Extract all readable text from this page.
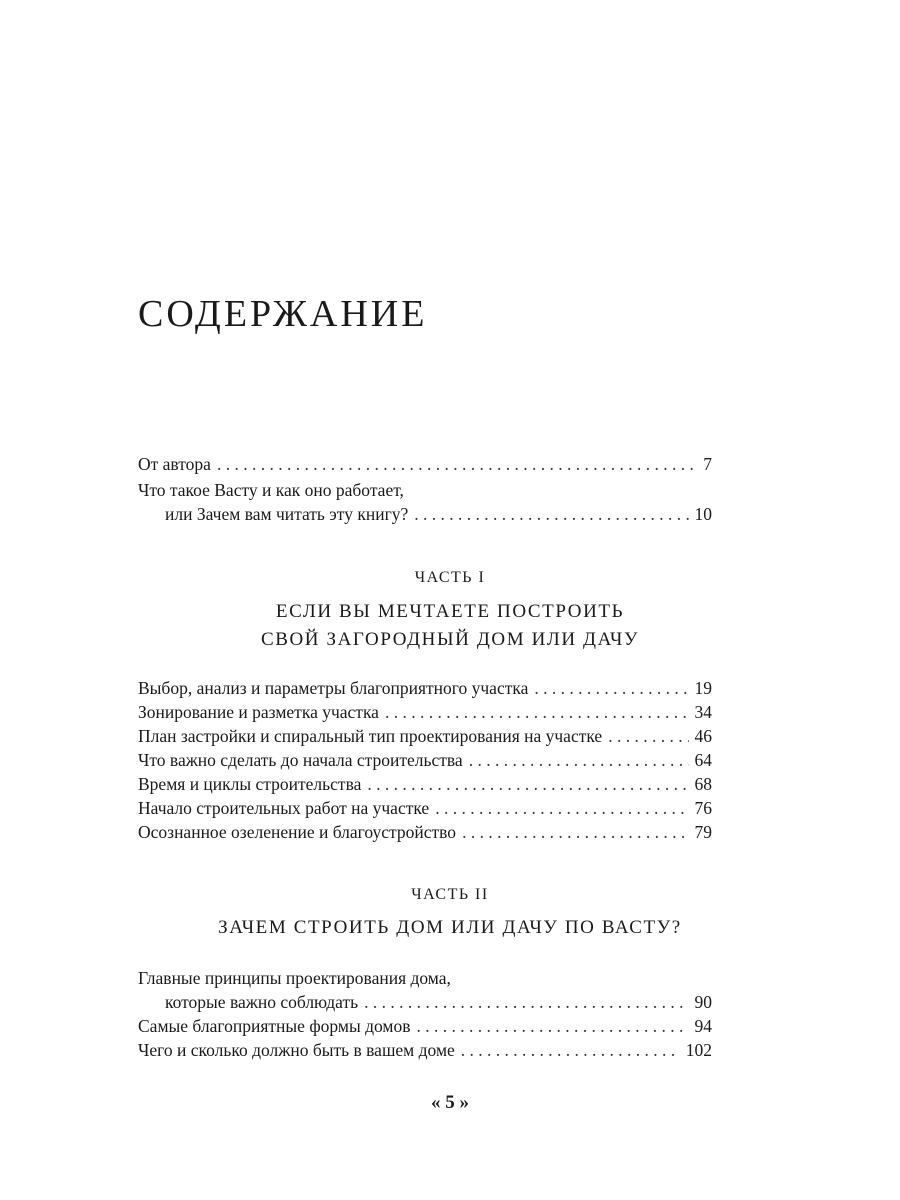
СОДЕРЖАНИЕ
От автора . . .	7
Что такое Васту и как оно работает,
или Зачем вам читать эту книгу? . . .	10
ЧАСТЬ I
ЕСЛИ ВЫ МЕЧТАЕТЕ ПОСТРОИТЬ
СВОЙ ЗАГОРОДНЫЙ ДОМ ИЛИ ДАЧУ
Выбор, анализ и параметры благоприятного участка . . .	19
Зонирование и разметка участка . . .	34
План застройки и спиральный тип проектирования на участке . . .	46
Что важно сделать до начала строительства . . .	64
Время и циклы строительства . . .	68
Начало строительных работ на участке . . .	76
Осознанное озеленение и благоустройство . . .	79
ЧАСТЬ II
ЗАЧЕМ СТРОИТЬ ДОМ ИЛИ ДАЧУ ПО ВАСТУ?
Главные принципы проектирования дома,
которые важно соблюдать . . .	90
Самые благоприятные формы домов . . .	94
Чего и сколько должно быть в вашем доме . . .	102
« 5 »
